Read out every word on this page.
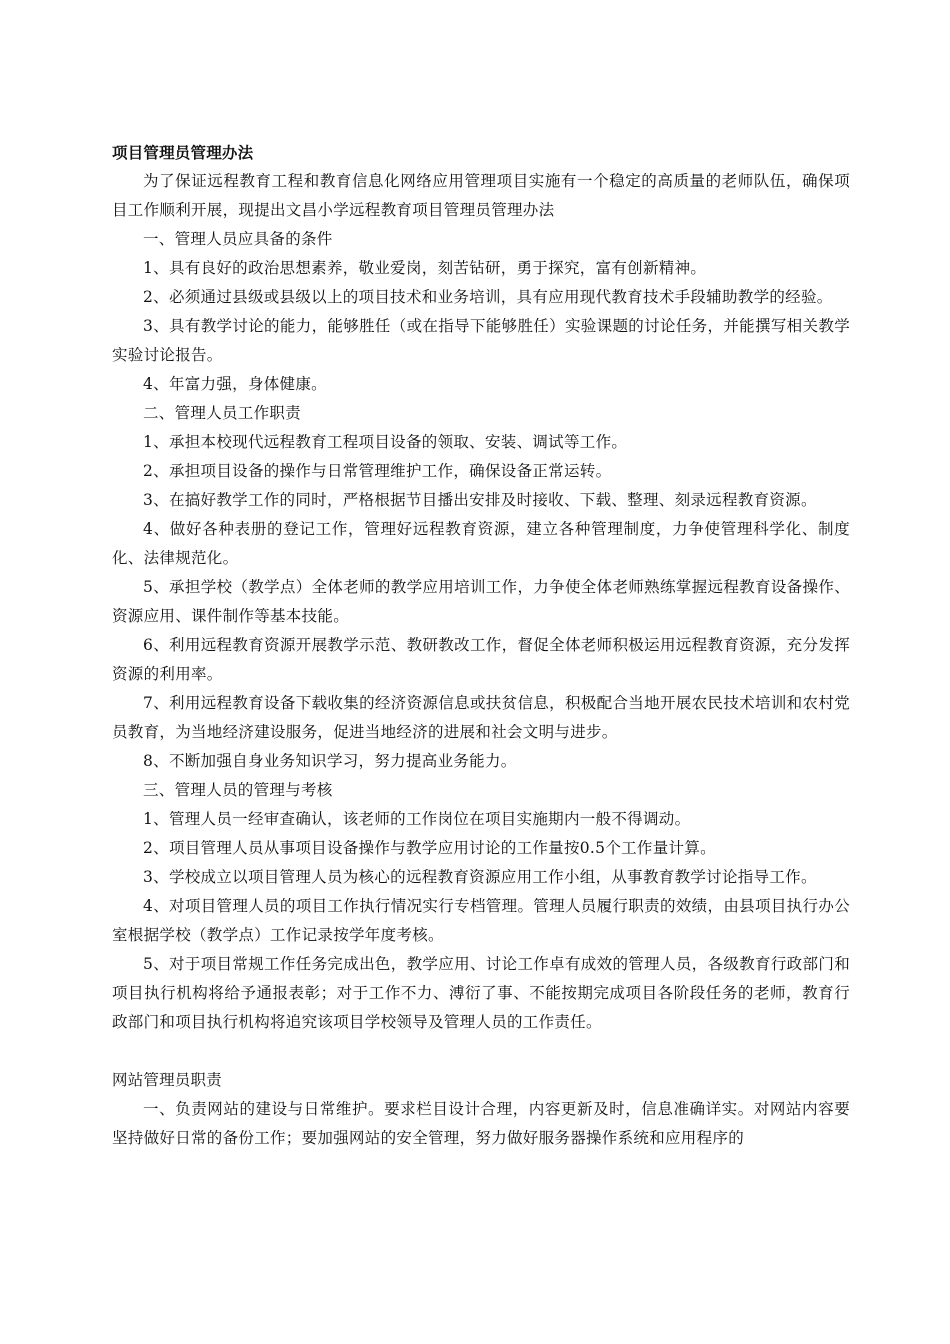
项目管理员管理办法

为了保证远程教育工程和教育信息化网络应用管理项目实施有一个稳定的高质量的老师队伍，确保项目工作顺利开展，现提出文昌小学远程教育项目管理员管理办法

一、管理人员应具备的条件

1、具有良好的政治思想素养，敬业爱岗，刻苦钻研，勇于探究，富有创新精神。

2、必须通过县级或县级以上的项目技术和业务培训，具有应用现代教育技术手段辅助教学的经验。

3、具有教学讨论的能力，能够胜任（或在指导下能够胜任）实验课题的讨论任务，并能撰写相关教学实验讨论报告。

4、年富力强，身体健康。

二、管理人员工作职责

1、承担本校现代远程教育工程项目设备的领取、安装、调试等工作。

2、承担项目设备的操作与日常管理维护工作，确保设备正常运转。

3、在搞好教学工作的同时，严格根据节目播出安排及时接收、下载、整理、刻录远程教育资源。

4、做好各种表册的登记工作，管理好远程教育资源，建立各种管理制度，力争使管理科学化、制度化、法律规范化。

5、承担学校（教学点）全体老师的教学应用培训工作，力争使全体老师熟练掌握远程教育设备操作、资源应用、课件制作等基本技能。

6、利用远程教育资源开展教学示范、教研教改工作，督促全体老师积极运用远程教育资源，充分发挥资源的利用率。

7、利用远程教育设备下载收集的经济资源信息或扶贫信息，积极配合当地开展农民技术培训和农村党员教育，为当地经济建设服务，促进当地经济的进展和社会文明与进步。

8、不断加强自身业务知识学习，努力提高业务能力。

三、管理人员的管理与考核

1、管理人员一经审查确认，该老师的工作岗位在项目实施期内一般不得调动。

2、项目管理人员从事项目设备操作与教学应用讨论的工作量按0.5个工作量计算。

3、学校成立以项目管理人员为核心的远程教育资源应用工作小组，从事教育教学讨论指导工作。

4、对项目管理人员的项目工作执行情况实行专档管理。管理人员履行职责的效绩，由县项目执行办公室根据学校（教学点）工作记录按学年度考核。

5、对于项目常规工作任务完成出色，教学应用、讨论工作卓有成效的管理人员，各级教育行政部门和项目执行机构将给予通报表彰；对于工作不力、溥衍了事、不能按期完成项目各阶段任务的老师，教育行政部门和项目执行机构将追究该项目学校领导及管理人员的工作责任。

网站管理员职责

一、负责网站的建设与日常维护。要求栏目设计合理，内容更新及时，信息准确详实。对网站内容要坚持做好日常的备份工作；要加强网站的安全管理，努力做好服务器操作系统和应用程序的
